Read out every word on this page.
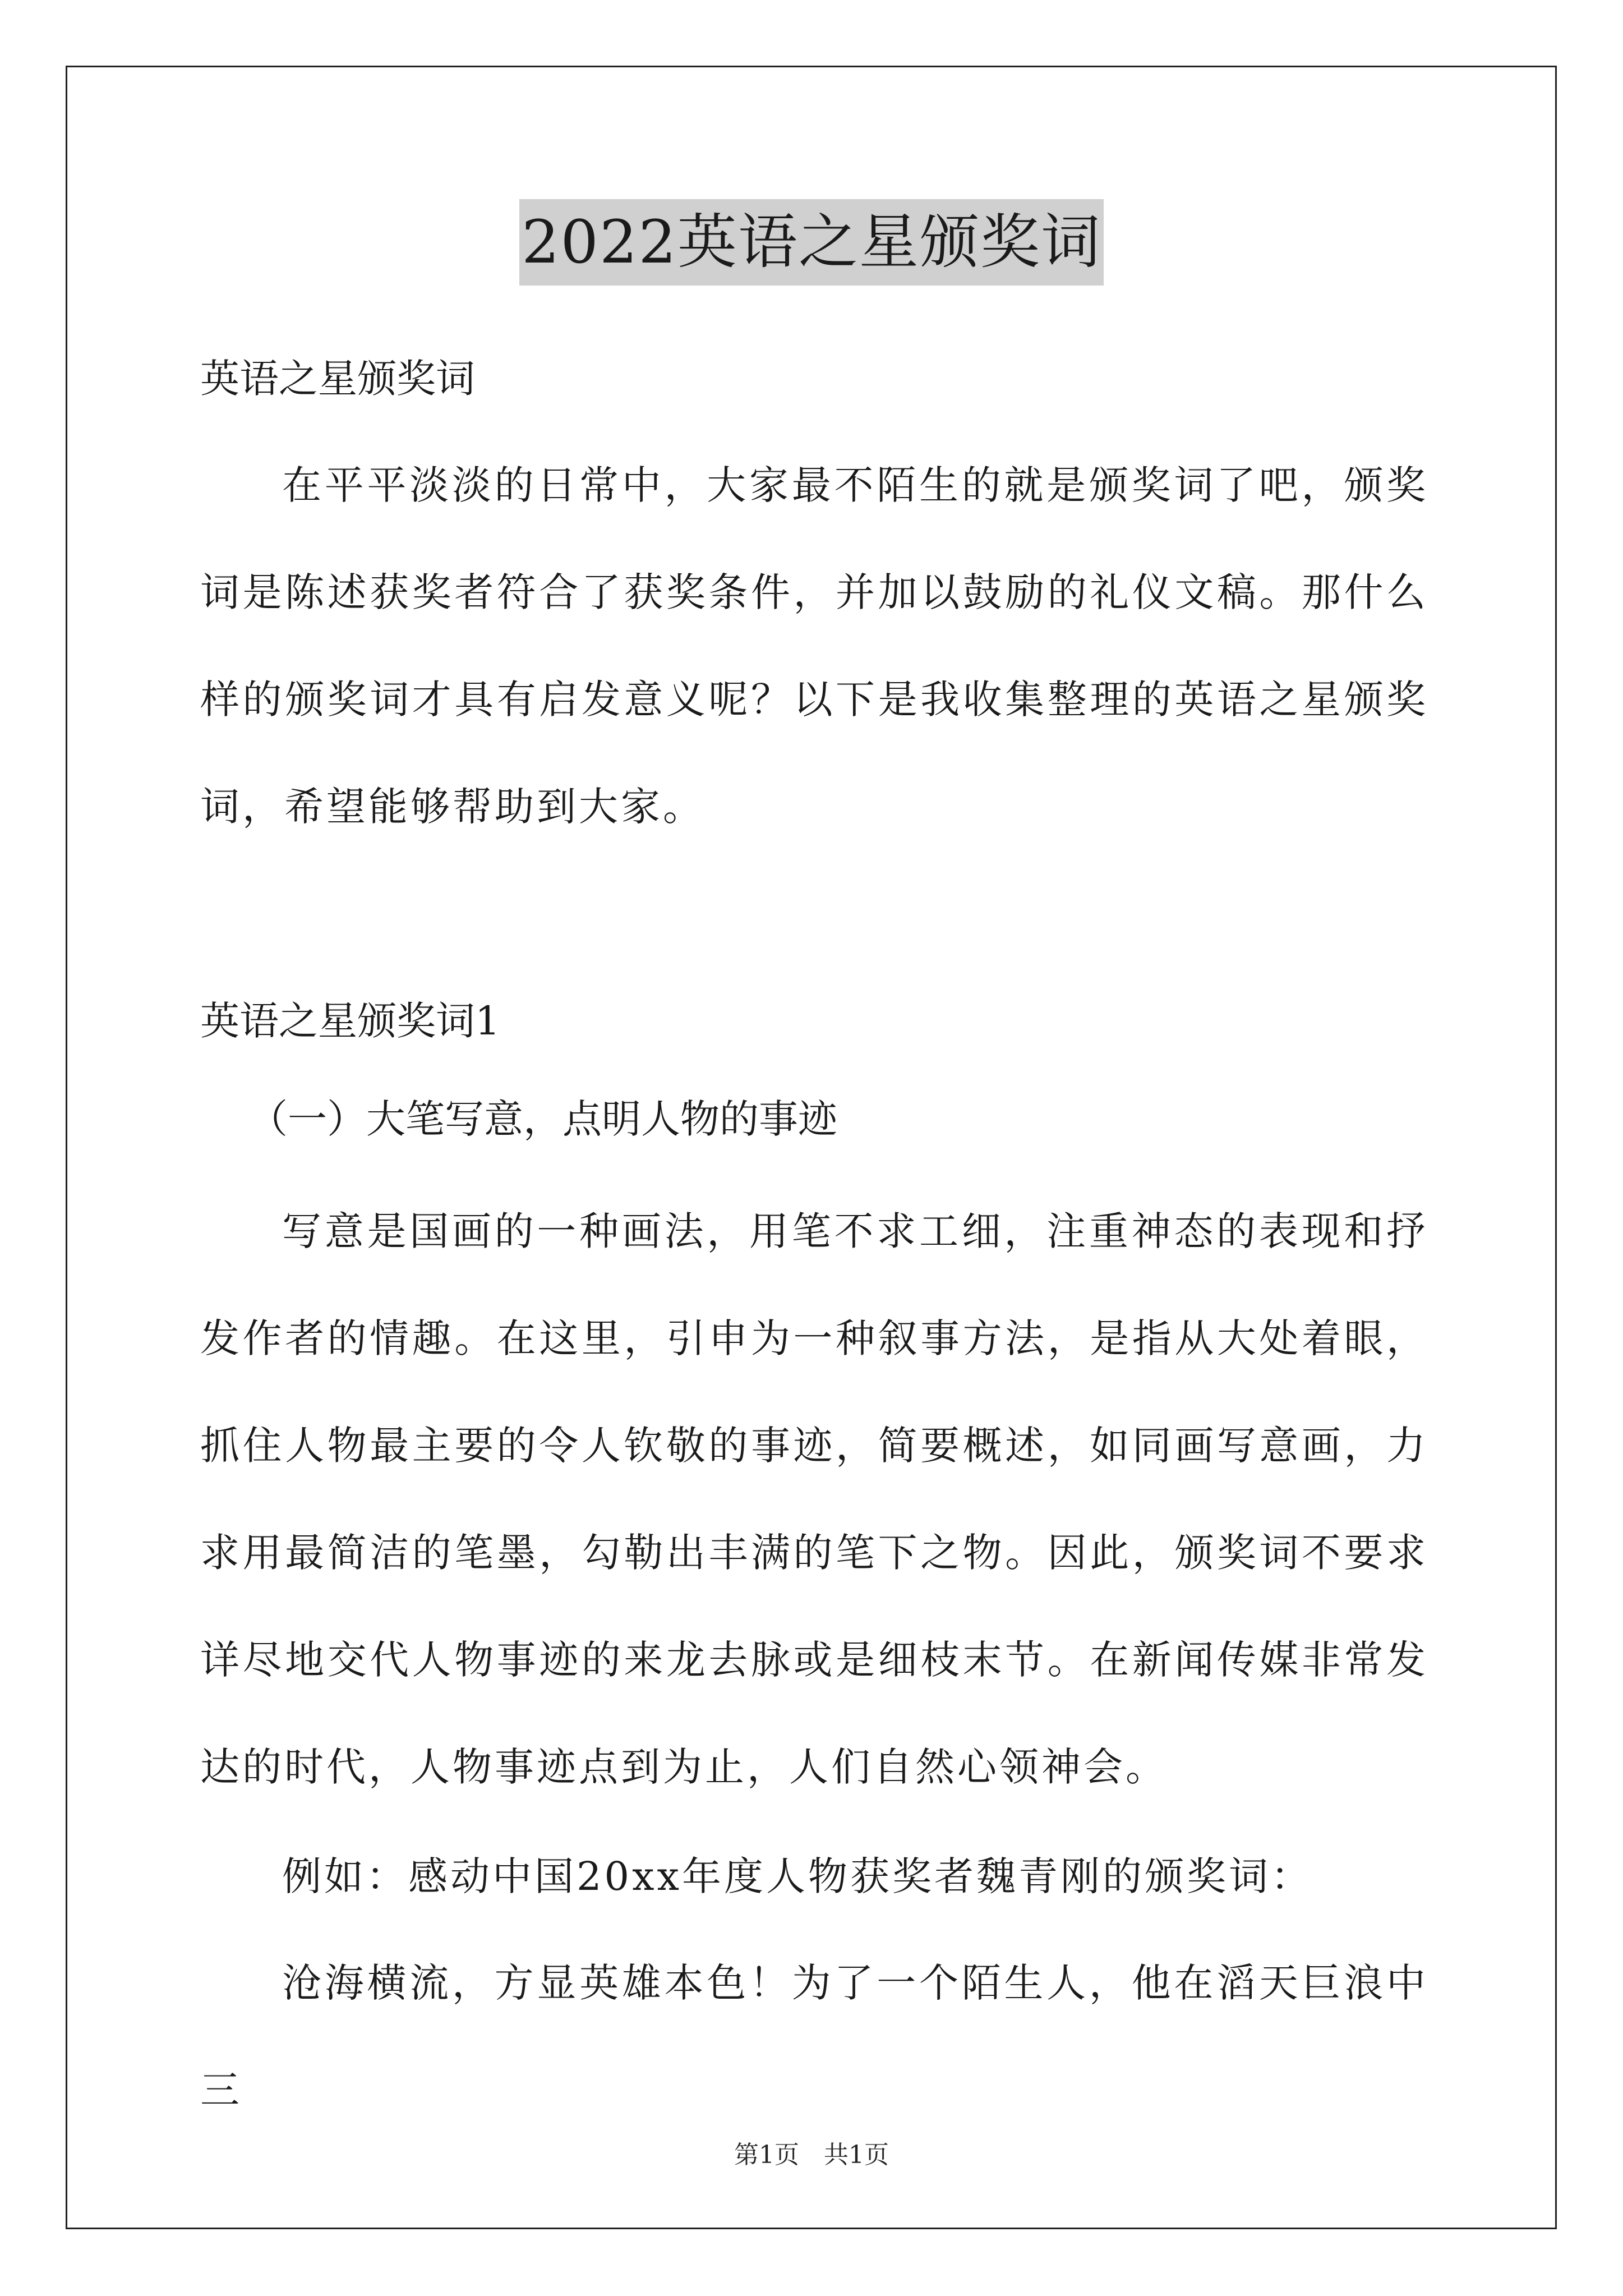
2022英语之星颁奖词
英语之星颁奖词
在平平淡淡的日常中，大家最不陌生的就是颁奖词了吧，颁奖词是陈述获奖者符合了获奖条件，并加以鼓励的礼仪文稿。那什么样的颁奖词才具有启发意义呢？以下是我收集整理的英语之星颁奖词，希望能够帮助到大家。
英语之星颁奖词1
（一）大笔写意，点明人物的事迹
写意是国画的一种画法，用笔不求工细，注重神态的表现和抒发作者的情趣。在这里，引申为一种叙事方法，是指从大处着眼，抓住人物最主要的令人钦敬的事迹，简要概述，如同画写意画，力求用最简洁的笔墨，勾勒出丰满的笔下之物。因此，颁奖词不要求详尽地交代人物事迹的来龙去脉或是细枝末节。在新闻传媒非常发达的时代，人物事迹点到为止，人们自然心领神会。
例如：感动中国20xx年度人物获奖者魏青刚的颁奖词：
沧海横流，方显英雄本色！为了一个陌生人，他在滔天巨浪中三
第1页　共1页
